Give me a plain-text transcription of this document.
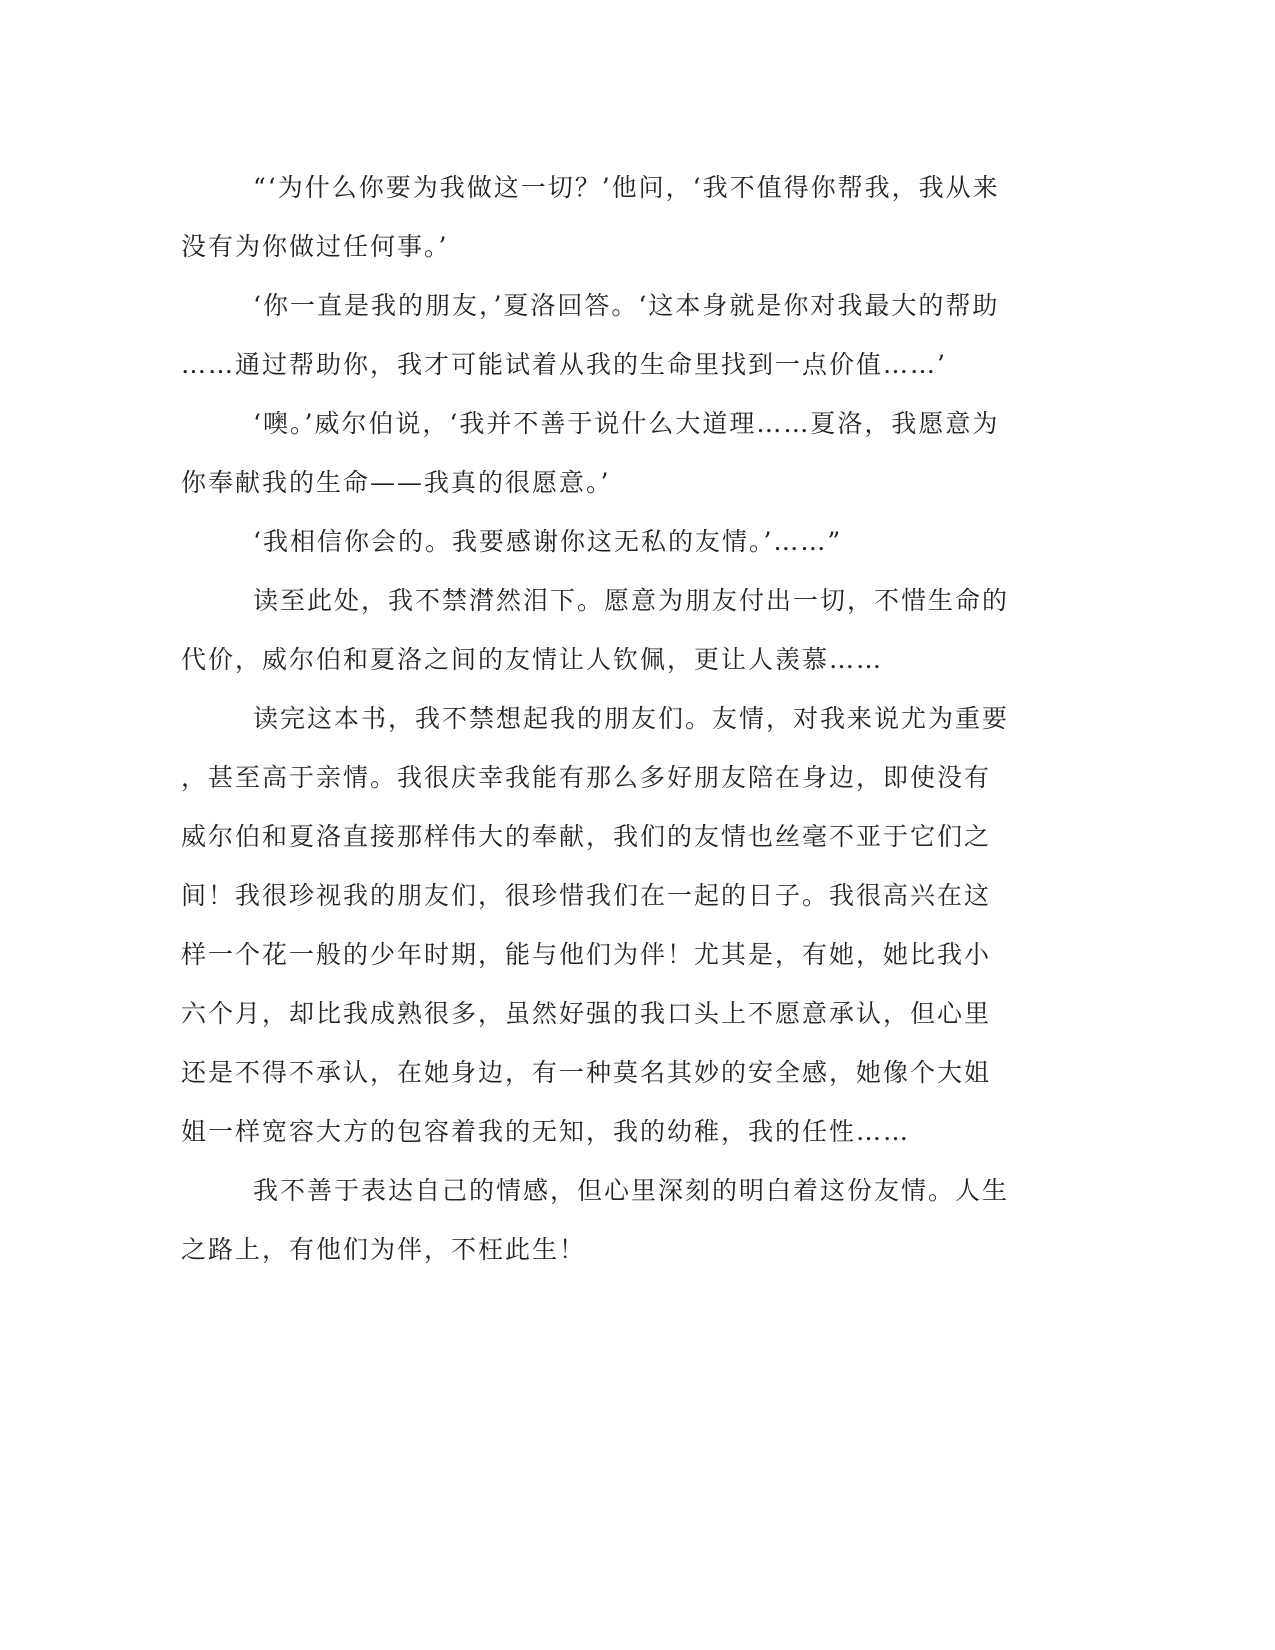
“‘为什么你要为我做这一切？’他问，‘我不值得你帮我，我从来
没有为你做过任何事。’
‘你一直是我的朋友，’夏洛回答。‘这本身就是你对我最大的帮助
……通过帮助你，我才可能试着从我的生命里找到一点价值……’
‘噢。’威尔伯说，‘我并不善于说什么大道理……夏洛，我愿意为
你奉献我的生命——我真的很愿意。’
‘我相信你会的。我要感谢你这无私的友情。’……”
读至此处，我不禁潸然泪下。愿意为朋友付出一切，不惜生命的
代价，威尔伯和夏洛之间的友情让人钦佩，更让人羡慕……
读完这本书，我不禁想起我的朋友们。友情，对我来说尤为重要
，甚至高于亲情。我很庆幸我能有那么多好朋友陪在身边，即使没有
威尔伯和夏洛直接那样伟大的奉献，我们的友情也丝毫不亚于它们之
间！我很珍视我的朋友们，很珍惜我们在一起的日子。我很高兴在这
样一个花一般的少年时期，能与他们为伴！尤其是，有她，她比我小
六个月，却比我成熟很多，虽然好强的我口头上不愿意承认，但心里
还是不得不承认，在她身边，有一种莫名其妙的安全感，她像个大姐
姐一样宽容大方的包容着我的无知，我的幼稚，我的任性……
我不善于表达自己的情感，但心里深刻的明白着这份友情。人生
之路上，有他们为伴，不枉此生！
